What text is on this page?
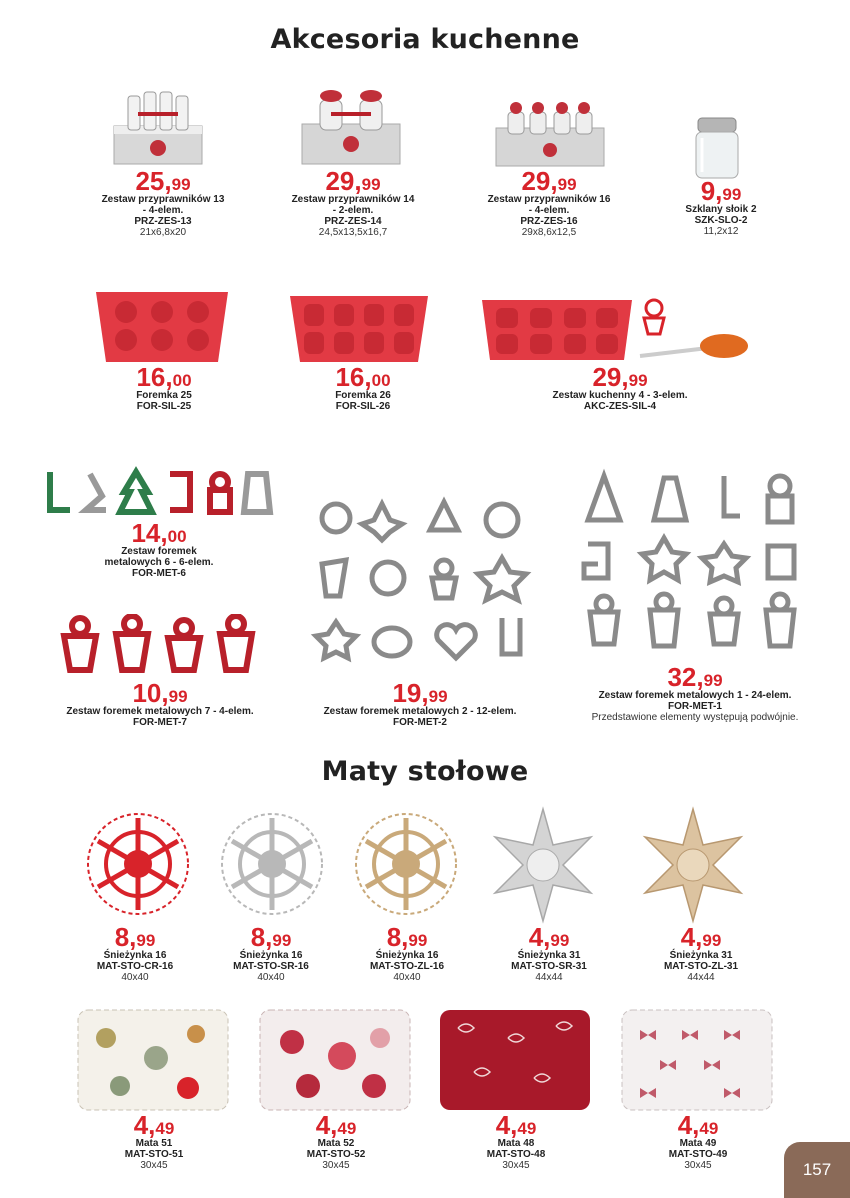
Akcesoria kuchenne
25,99
Zestaw przyprawników 13
- 4-elem.
PRZ-ZES-13
21x6,8x20
29,99
Zestaw przyprawników 14
- 2-elem.
PRZ-ZES-14
24,5x13,5x16,7
29,99
Zestaw przyprawników 16
- 4-elem.
PRZ-ZES-16
29x8,6x12,5
9,99
Szklany słoik 2
SZK-SLO-2
11,2x12
16,00
Foremka 25
FOR-SIL-25
16,00
Foremka 26
FOR-SIL-26
29,99
Zestaw kuchenny 4 - 3-elem.
AKC-ZES-SIL-4
14,00
Zestaw foremek
metalowych 6 - 6-elem.
FOR-MET-6
10,99
Zestaw foremek metalowych 7 - 4-elem.
FOR-MET-7
19,99
Zestaw foremek metalowych 2 - 12-elem.
FOR-MET-2
32,99
Zestaw foremek metalowych 1 - 24-elem.
FOR-MET-1
Przedstawione elementy występują podwójnie.
Maty stołowe
8,99
Śnieżynka 16
MAT-STO-CR-16
40x40
8,99
Śnieżynka 16
MAT-STO-SR-16
40x40
8,99
Śnieżynka 16
MAT-STO-ZL-16
40x40
4,99
Śnieżynka 31
MAT-STO-SR-31
44x44
4,99
Śnieżynka 31
MAT-STO-ZL-31
44x44
4,49
Mata 51
MAT-STO-51
30x45
4,49
Mata 52
MAT-STO-52
30x45
4,49
Mata 48
MAT-STO-48
30x45
4,49
Mata 49
MAT-STO-49
30x45	157
